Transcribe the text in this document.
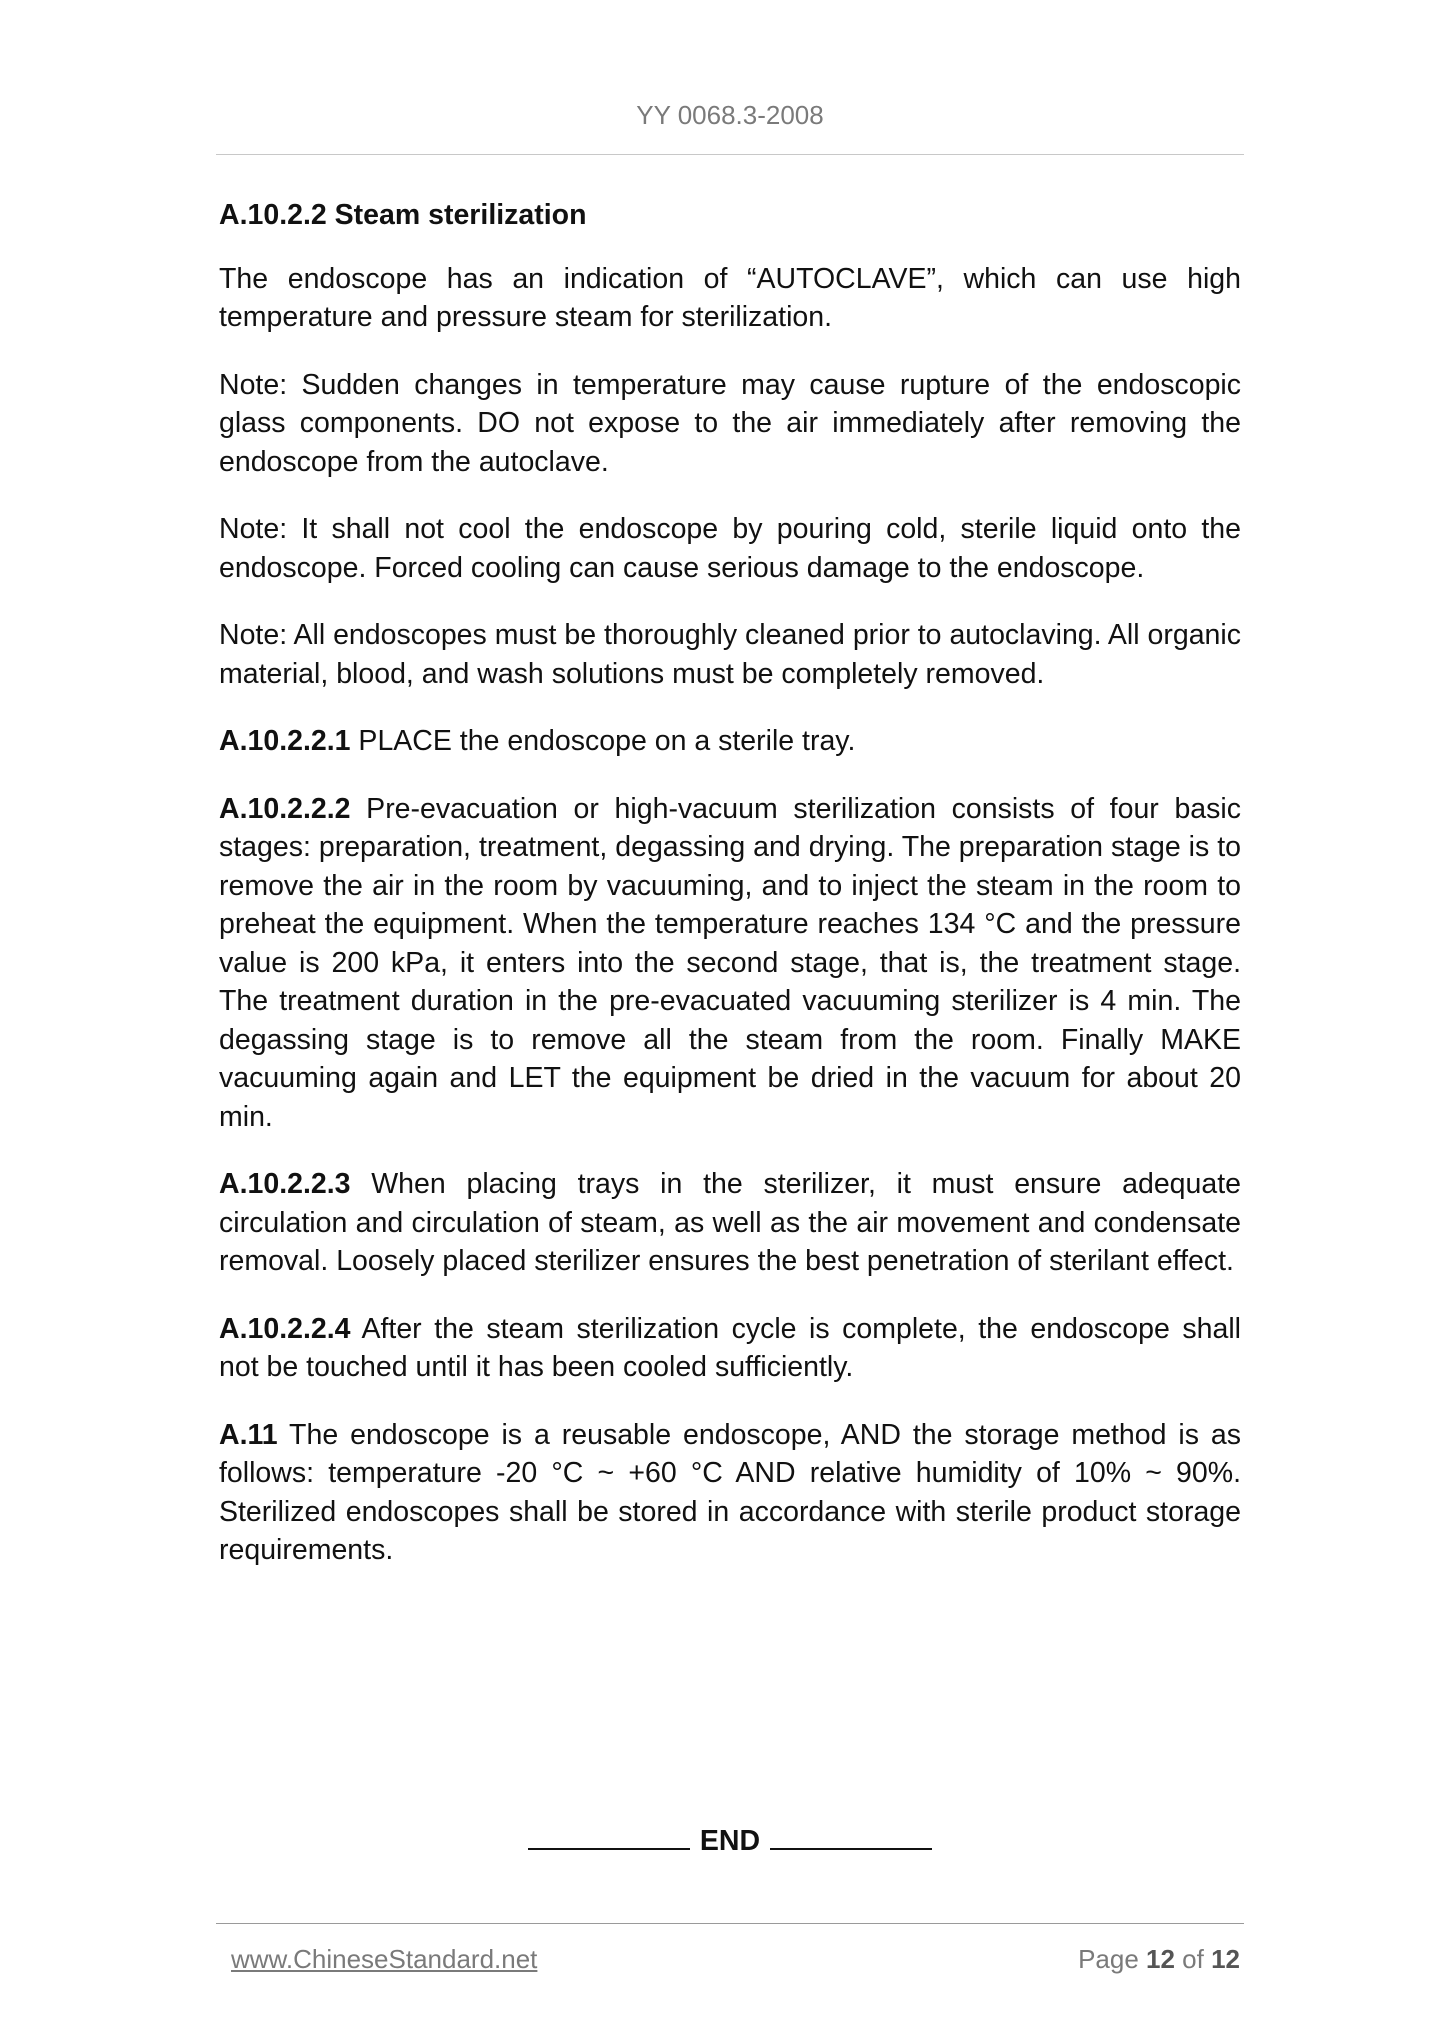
YY 0068.3-2008
A.10.2.2 Steam sterilization

The endoscope has an indication of “AUTOCLAVE”, which can use high temperature and pressure steam for sterilization.

Note: Sudden changes in temperature may cause rupture of the endoscopic glass components. DO not expose to the air immediately after removing the endoscope from the autoclave.

Note: It shall not cool the endoscope by pouring cold, sterile liquid onto the endoscope. Forced cooling can cause serious damage to the endoscope.

Note: All endoscopes must be thoroughly cleaned prior to autoclaving. All organic material, blood, and wash solutions must be completely removed.

A.10.2.2.1 PLACE the endoscope on a sterile tray.

A.10.2.2.2 Pre-evacuation or high-vacuum sterilization consists of four basic stages: preparation, treatment, degassing and drying. The preparation stage is to remove the air in the room by vacuuming, and to inject the steam in the room to preheat the equipment. When the temperature reaches 134 °C and the pressure value is 200 kPa, it enters into the second stage, that is, the treatment stage. The treatment duration in the pre-evacuated vacuuming sterilizer is 4 min. The degassing stage is to remove all the steam from the room. Finally MAKE vacuuming again and LET the equipment be dried in the vacuum for about 20 min.

A.10.2.2.3 When placing trays in the sterilizer, it must ensure adequate circulation and circulation of steam, as well as the air movement and condensate removal. Loosely placed sterilizer ensures the best penetration of sterilant effect.

A.10.2.2.4 After the steam sterilization cycle is complete, the endoscope shall not be touched until it has been cooled sufficiently.

A.11 The endoscope is a reusable endoscope, AND the storage method is as follows: temperature -20 °C ~ +60 °C AND relative humidity of 10% ~ 90%. Sterilized endoscopes shall be stored in accordance with sterile product storage requirements.

END
www.ChineseStandard.net	Page 12 of 12
